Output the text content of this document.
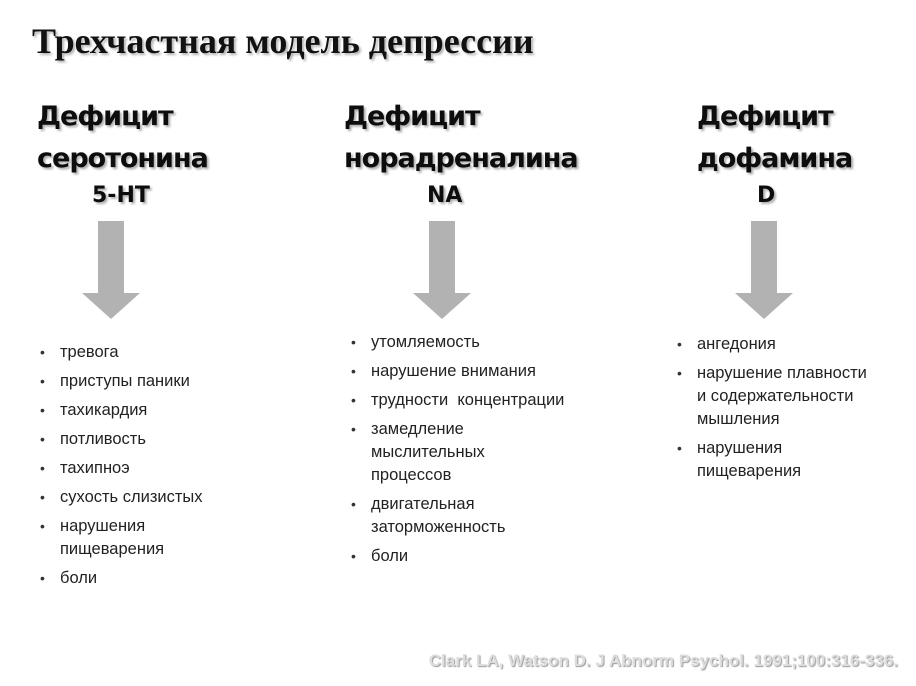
Трехчастная модель депрессии
Дефицит
серотонина
5-HT
• тревога
• приступы паники
• тахикардия
• потливость
• тахипноэ
• сухость слизистых
• нарушения пищеварения
• боли
Дефицит
норадреналина
NA
• утомляемость
• нарушение внимания
• трудности  концентрации
• замедление мыслительных процессов
• двигательная заторможенность
• боли
Дефицит
дофамина
D
• ангедония
• нарушение плавности и содержательности мышления
• нарушения пищеварения
Clark LA, Watson D. J Abnorm Psychol. 1991;100:316-336.
